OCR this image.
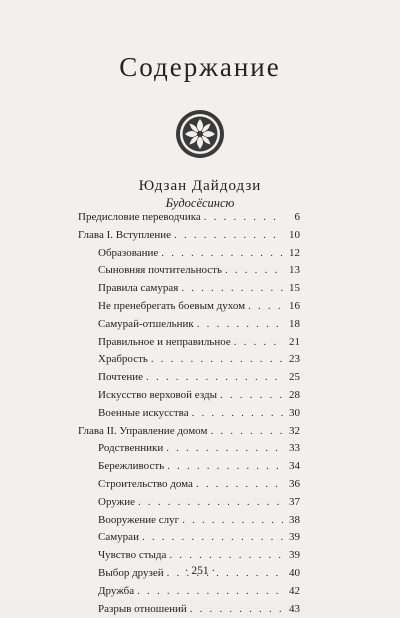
Содержание
Юдзан Дайдодзи
Будосёсинсю
Предисловие переводчика . . .	6
Глава I. Вступление . . .	10
Образование . . .	12
Сыновняя почтительность . . .	13
Правила самурая . . .	15
Не пренебрегать боевым духом . . .	16
Самурай-отшельник . . .	18
Правильное и неправильное . . .	21
Храбрость . . .	23
Почтение . . .	25
Искусство верховой езды . . .	28
Военные искусства . . .	30
Глава II. Управление домом . . .	32
Родственники . . .	33
Бережливость . . .	34
Строительство дома . . .	36
Оружие . . .	37
Вооружение слуг . . .	38
Самураи . . .	39
Чувство стыда . . .	39
Выбор друзей . . .	40
Дружба . . .	42
Разрыв отношений . . .	43
· 251 ·
